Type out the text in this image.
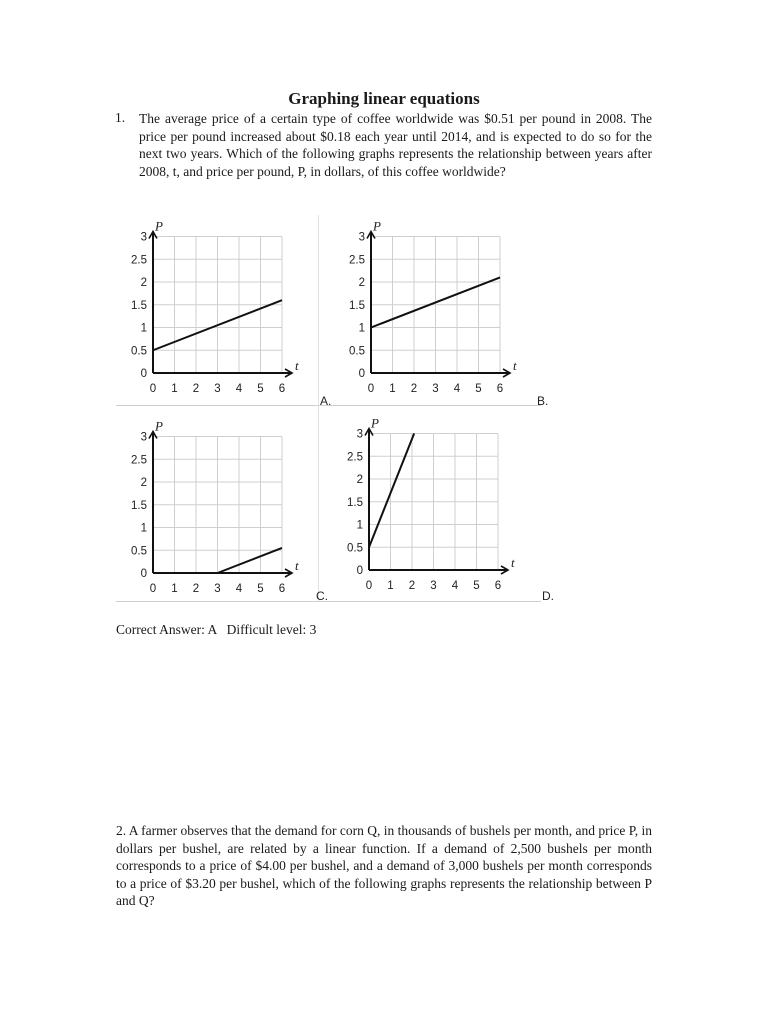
Graphing linear equations
1. The average price of a certain type of coffee worldwide was $0.51 per pound in 2008. The price per pound increased about $0.18 each year until 2014, and is expected to do so for the next two years. Which of the following graphs represents the relationship between years after 2008, t, and price per pound, P, in dollars, of this coffee worldwide?
t
P
0 1 2 3 4 5 6
0
0.5
1
1.5
2
2.5
3
t
P
0 1 2 3 4 5 6
0
0.5
1
1.5
2
2.5
3
t
P
0 1 2 3 4 5 6
0
0.5
1
1.5
2
2.5
3
t
P
0 1 2 3 4 5 6
0
0.5
1
1.5
2
2.5
3
A.	B.
C.	D.
Correct Answer: A Difficult level: 3
2. A farmer observes that the demand for corn Q, in thousands of bushels per month, and price P, in dollars per bushel, are related by a linear function. If a demand of 2,500 bushels per month corresponds to a price of $4.00 per bushel, and a demand of 3,000 bushels per month corresponds to a price of $3.20 per bushel, which of the following graphs represents the relationship between P and Q?
